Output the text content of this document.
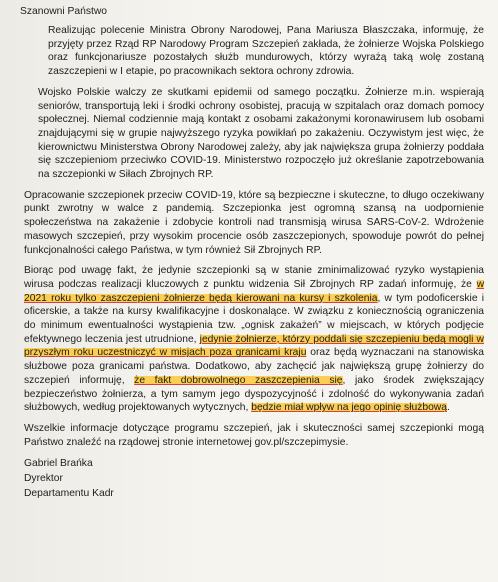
Szanowni Państwo

Realizując polecenie Ministra Obrony Narodowej, Pana Mariusza Błaszczaka, informuję, że przyjęty przez Rząd RP Narodowy Program Szczepień zakłada, że żołnierze Wojska Polskiego oraz funkcjonariusze pozostałych służb mundurowych, którzy wyrażą taką wolę zostaną zaszczepieni w I etapie, po pracownikach sektora ochrony zdrowia.

Wojsko Polskie walczy ze skutkami epidemii od samego początku. Żołnierze m.in. wspierają seniorów, transportują leki i środki ochrony osobistej, pracują w szpitalach oraz domach pomocy społecznej. Niemal codziennie mają kontakt z osobami zakażonymi koronawirusem lub osobami znajdującymi się w grupie najwyższego ryzyka powikłań po zakażeniu. Oczywistym jest więc, że kierownictwu Ministerstwa Obrony Narodowej zależy, aby jak największa grupa żołnierzy poddała się szczepieniom przeciwko COVID-19. Ministerstwo rozpoczęło już określanie zapotrzebowania na szczepionki w Siłach Zbrojnych RP.

Opracowanie szczepionek przeciw COVID-19, które są bezpieczne i skuteczne, to długo oczekiwany punkt zwrotny w walce z pandemią. Szczepionka jest ogromną szansą na uodpornienie społeczeństwa na zakażenie i zdobycie kontroli nad transmisją wirusa SARS-CoV-2. Wdrożenie masowych szczepień, przy wysokim procencie osób zaszczepionych, spowoduje powrót do pełnej funkcjonalności całego Państwa, w tym również Sił Zbrojnych RP.

Biorąc pod uwagę fakt, że jedynie szczepionki są w stanie zminimalizować ryzyko wystąpienia wirusa podczas realizacji kluczowych z punktu widzenia Sił Zbrojnych RP zadań informuję, że w 2021 roku tylko zaszczepieni żołnierze będą kierowani na kursy i szkolenia, w tym podoficerskie i oficerskie, a także na kursy kwalifikacyjne i doskonalące. W związku z koniecznością ograniczenia do minimum ewentualności wystąpienia tzw. „ognisk zakażeń” w miejscach, w których podjęcie efektywnego leczenia jest utrudnione, jedynie żołnierze, którzy poddali się szczepieniu będą mogli w przyszłym roku uczestniczyć w misjach poza granicami kraju oraz będą wyznaczani na stanowiska służbowe poza granicami państwa. Dodatkowo, aby zachęcić jak największą grupę żołnierzy do szczepień informuję, że fakt dobrowolnego zaszczepienia się, jako środek zwiększający bezpieczeństwo żołnierza, a tym samym jego dyspozycyjność i zdolność do wykonywania zadań służbowych, według projektowanych wytycznych, będzie miał wpływ na jego opinię służbową.

Wszelkie informacje dotyczące programu szczepień, jak i skuteczności samej szczepionki mogą Państwo znaleźć na rządowej stronie internetowej gov.pl/szczepimysie.

Gabriel Brańka

Dyrektor

Departamentu Kadr
